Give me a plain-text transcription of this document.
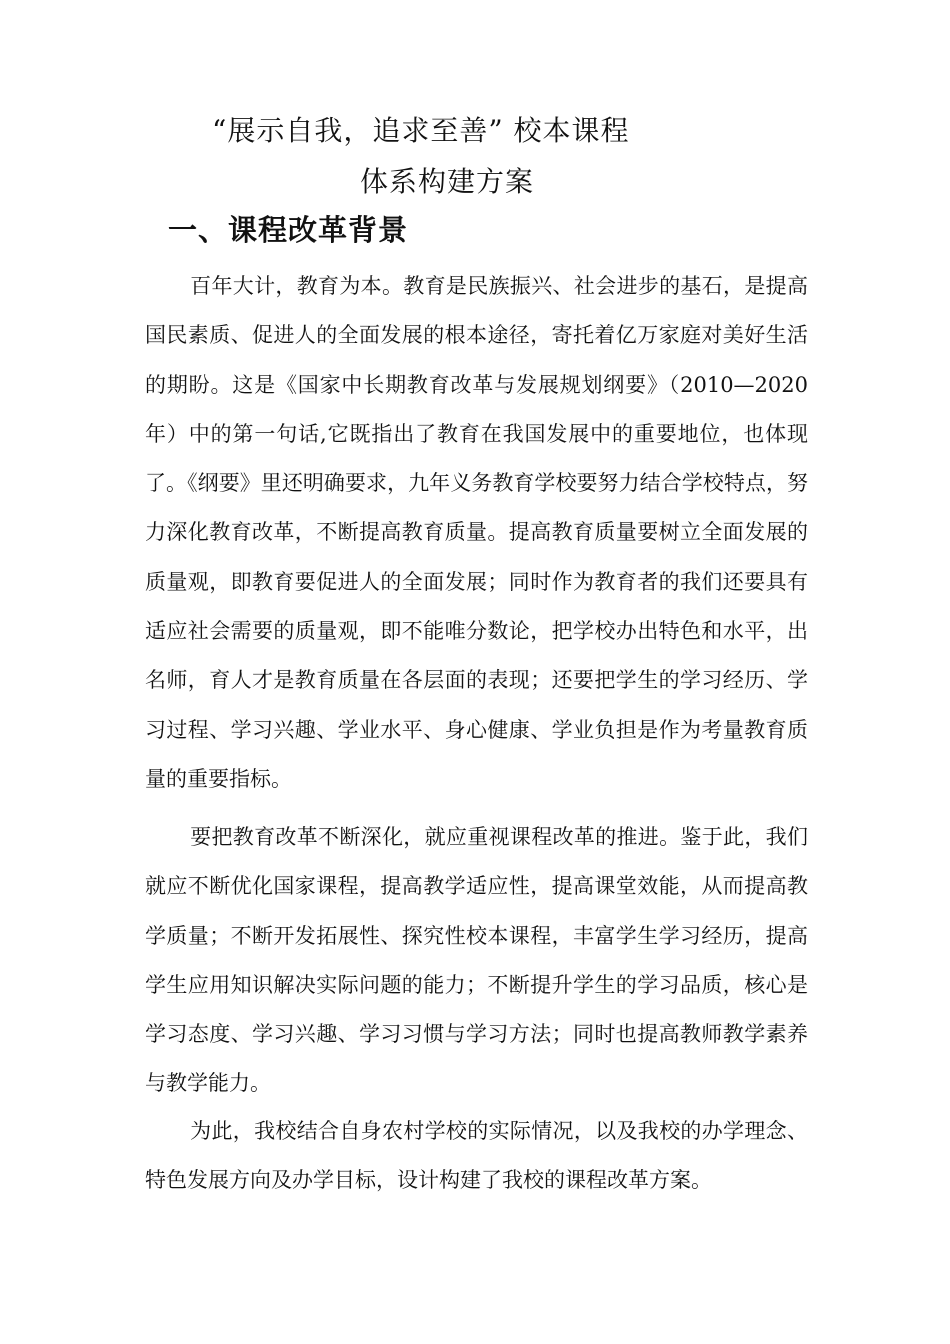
“展示自我，追求至善” 校本课程
体系构建方案
一、课程改革背景

百年大计，教育为本。教育是民族振兴、社会进步的基石，是提高国民素质、促进人的全面发展的根本途径，寄托着亿万家庭对美好生活的期盼。这是《国家中长期教育改革与发展规划纲要》（2010—2020年）中的第一句话,它既指出了教育在我国发展中的重要地位，也体现了。《纲要》里还明确要求，九年义务教育学校要努力结合学校特点，努力深化教育改革，不断提高教育质量。提高教育质量要树立全面发展的质量观，即教育要促进人的全面发展；同时作为教育者的我们还要具有适应社会需要的质量观，即不能唯分数论，把学校办出特色和水平，出名师，育人才是教育质量在各层面的表现；还要把学生的学习经历、学习过程、学习兴趣、学业水平、身心健康、学业负担是作为考量教育质量的重要指标。

要把教育改革不断深化，就应重视课程改革的推进。鉴于此，我们就应不断优化国家课程，提高教学适应性，提高课堂效能，从而提高教学质量；不断开发拓展性、探究性校本课程，丰富学生学习经历，提高学生应用知识解决实际问题的能力；不断提升学生的学习品质，核心是学习态度、学习兴趣、学习习惯与学习方法；同时也提高教师教学素养与教学能力。

为此，我校结合自身农村学校的实际情况，以及我校的办学理念、特色发展方向及办学目标，设计构建了我校的课程改革方案。
